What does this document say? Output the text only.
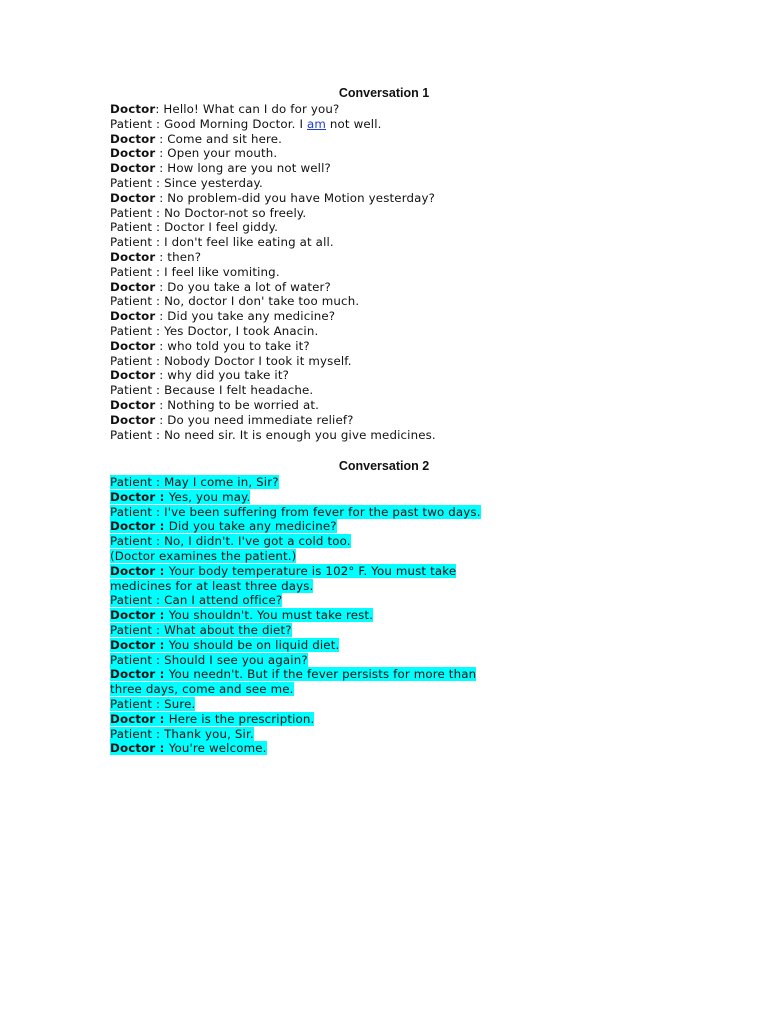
Conversation 1
Doctor: Hello! What can I do for you?
Patient : Good Morning Doctor. I am not well.
Doctor : Come and sit here.
Doctor : Open your mouth.
Doctor : How long are you not well?
Patient : Since yesterday.
Doctor : No problem-did you have Motion yesterday?
Patient : No Doctor-not so freely.
Patient : Doctor I feel giddy.
Patient : I don't feel like eating at all.
Doctor : then?
Patient : I feel like vomiting.
Doctor : Do you take a lot of water?
Patient : No, doctor I don' take too much.
Doctor : Did you take any medicine?
Patient : Yes Doctor, I took Anacin.
Doctor : who told you to take it?
Patient : Nobody Doctor I took it myself.
Doctor : why did you take it?
Patient : Because I felt headache.
Doctor : Nothing to be worried at.
Doctor : Do you need immediate relief?
Patient : No need sir. It is enough you give medicines.
Conversation 2
Patient : May I come in, Sir?
Doctor : Yes, you may.
Patient : I've been suffering from fever for the past two days.
Doctor : Did you take any medicine?
Patient : No, I didn't. I've got a cold too.
(Doctor examines the patient.)
Doctor : Your body temperature is 102° F. You must take
medicines for at least three days.
Patient : Can I attend office?
Doctor : You shouldn't. You must take rest.
Patient : What about the diet?
Doctor : You should be on liquid diet.
Patient : Should I see you again?
Doctor : You needn't. But if the fever persists for more than
three days, come and see me.
Patient : Sure.
Doctor : Here is the prescription.
Patient : Thank you, Sir.
Doctor : You're welcome.
